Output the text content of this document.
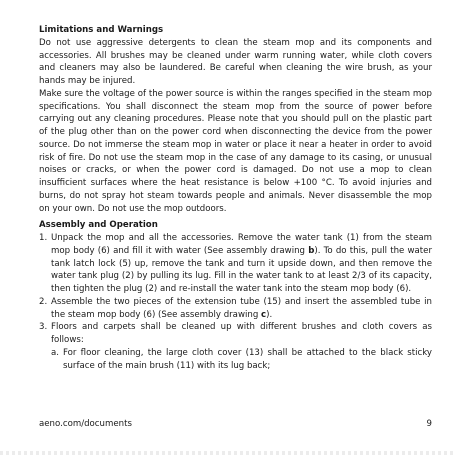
Limitations and Warnings

Do not use aggressive detergents to clean the steam mop and its components and accessories. All brushes may be cleaned under warm running water, while cloth covers and cleaners may also be laundered. Be careful when cleaning the wire brush, as your hands may be injured.

Make sure the voltage of the power source is within the ranges specified in the steam mop specifications. You shall disconnect the steam mop from the source of power before carrying out any cleaning procedures. Please note that you should pull on the plastic part of the plug other than on the power cord when disconnecting the device from the power source. Do not immerse the steam mop in water or place it near a heater in order to avoid risk of fire. Do not use the steam mop in the case of any damage to its casing, or unusual noises or cracks, or when the power cord is damaged. Do not use a mop to clean insufficient surfaces where the heat resistance is below +100 °C. To avoid injuries and burns, do not spray hot steam towards people and animals. Never disassemble the mop on your own. Do not use the mop outdoors.

Assembly and Operation
1. Unpack the mop and all the accessories. Remove the water tank (1) from the steam mop body (6) and fill it with water (See assembly drawing b). To do this, pull the water tank latch lock (5) up, remove the tank and turn it upside down, and then remove the water tank plug (2) by pulling its lug. Fill in the water tank to at least 2/3 of its capacity, then tighten the plug (2) and re-install the water tank into the steam mop body (6).
2. Assemble the two pieces of the extension tube (15) and insert the assembled tube in the steam mop body (6) (See assembly drawing c).
3. Floors and carpets shall be cleaned up with different brushes and cloth covers as follows:
a. For floor cleaning, the large cloth cover (13) shall be attached to the black sticky surface of the main brush (11) with its lug back;
aeno.com/documents	9
